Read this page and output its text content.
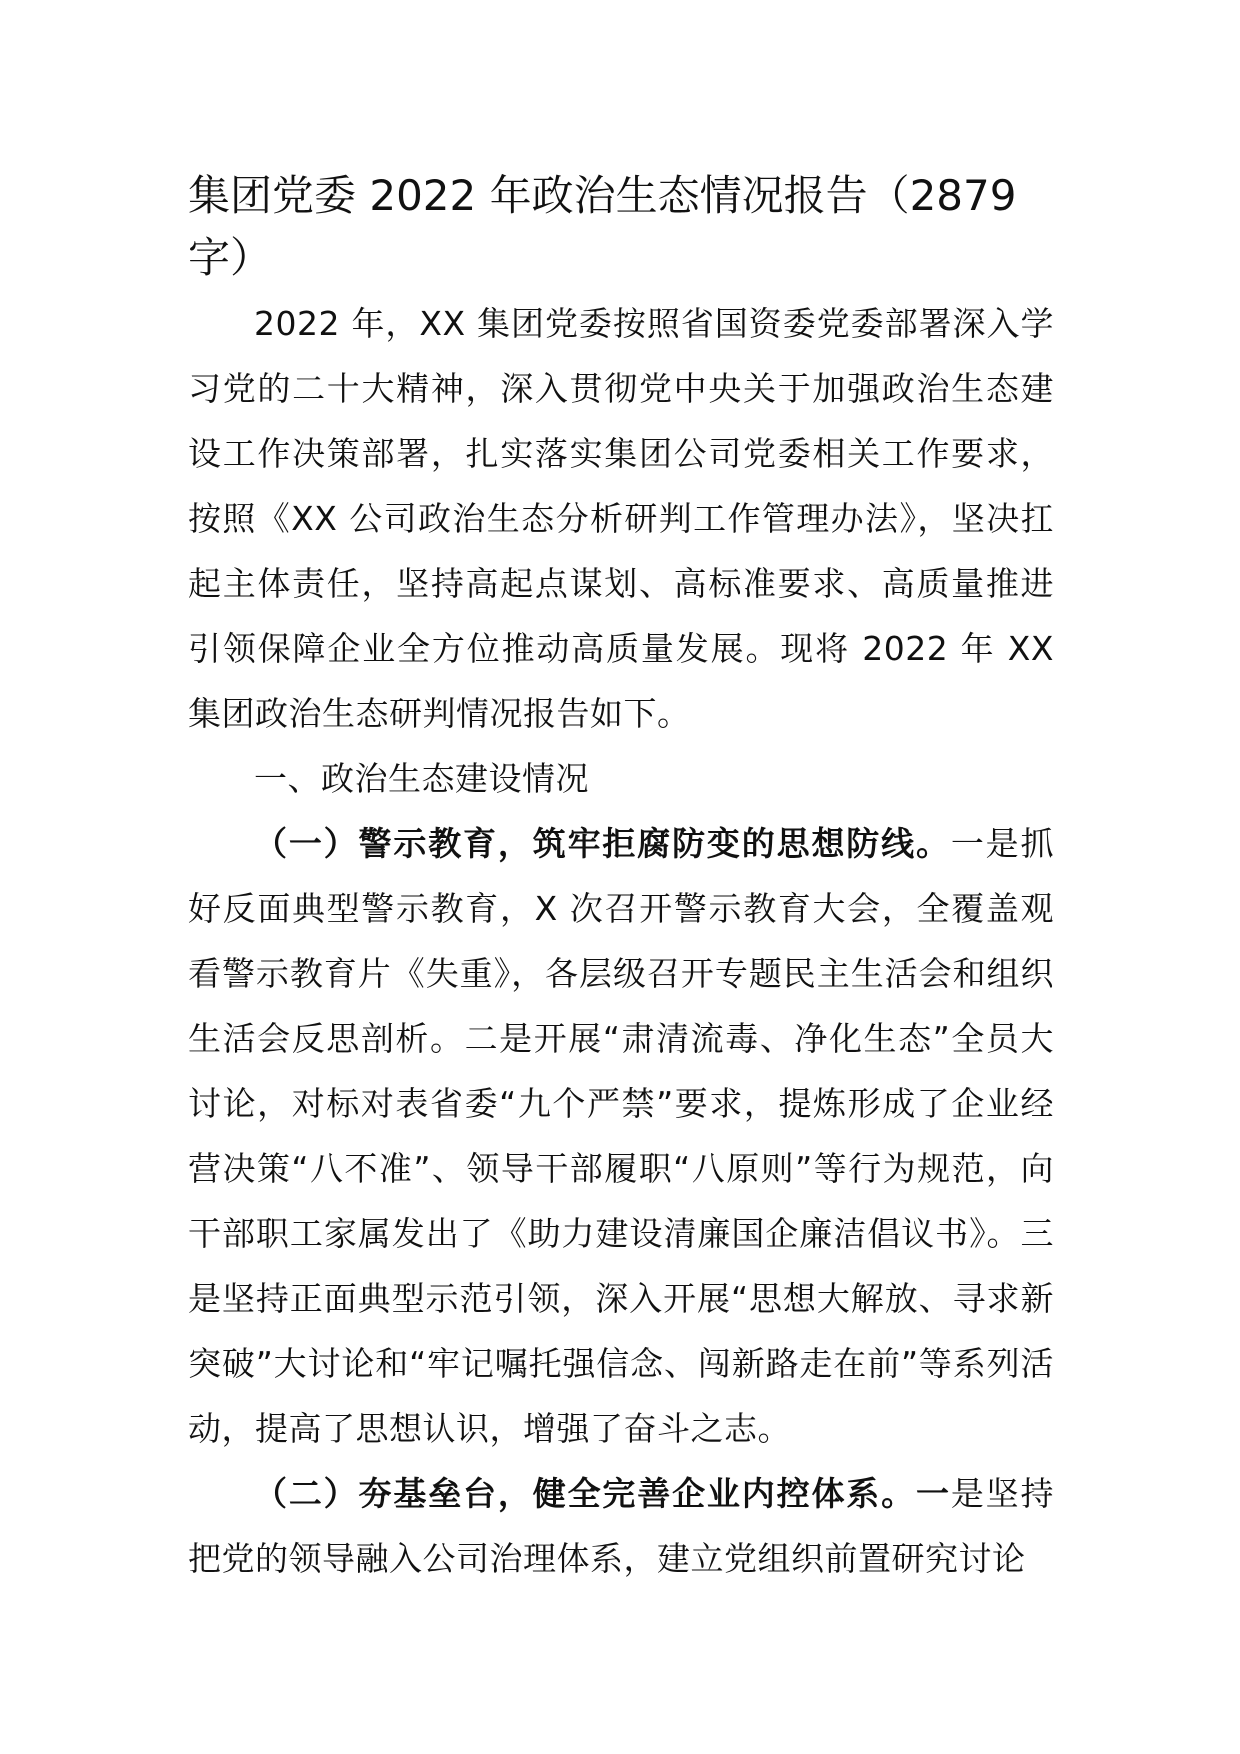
集团党委 2022 年政治生态情况报告（2879 字）

2022 年，XX 集团党委按照省国资委党委部署深入学习党的二十大精神，深入贯彻党中央关于加强政治生态建设工作决策部署，扎实落实集团公司党委相关工作要求，按照《XX 公司政治生态分析研判工作管理办法》，坚决扛起主体责任，坚持高起点谋划、高标准要求、高质量推进引领保障企业全方位推动高质量发展。现将 2022 年 XX 集团政治生态研判情况报告如下。

一、政治生态建设情况

（一）警示教育，筑牢拒腐防变的思想防线。一是抓好反面典型警示教育，X 次召开警示教育大会，全覆盖观看警示教育片《失重》，各层级召开专题民主生活会和组织生活会反思剖析。二是开展“肃清流毒、净化生态”全员大讨论，对标对表省委“九个严禁”要求，提炼形成了企业经营决策“八不准”、领导干部履职“八原则”等行为规范，向干部职工家属发出了《助力建设清廉国企廉洁倡议书》。三是坚持正面典型示范引领，深入开展“思想大解放、寻求新突破”大讨论和“牢记嘱托强信念、闯新路走在前”等系列活动，提高了思想认识，增强了奋斗之志。

（二）夯基垒台，健全完善企业内控体系。一是坚持把党的领导融入公司治理体系，建立党组织前置研究讨论
